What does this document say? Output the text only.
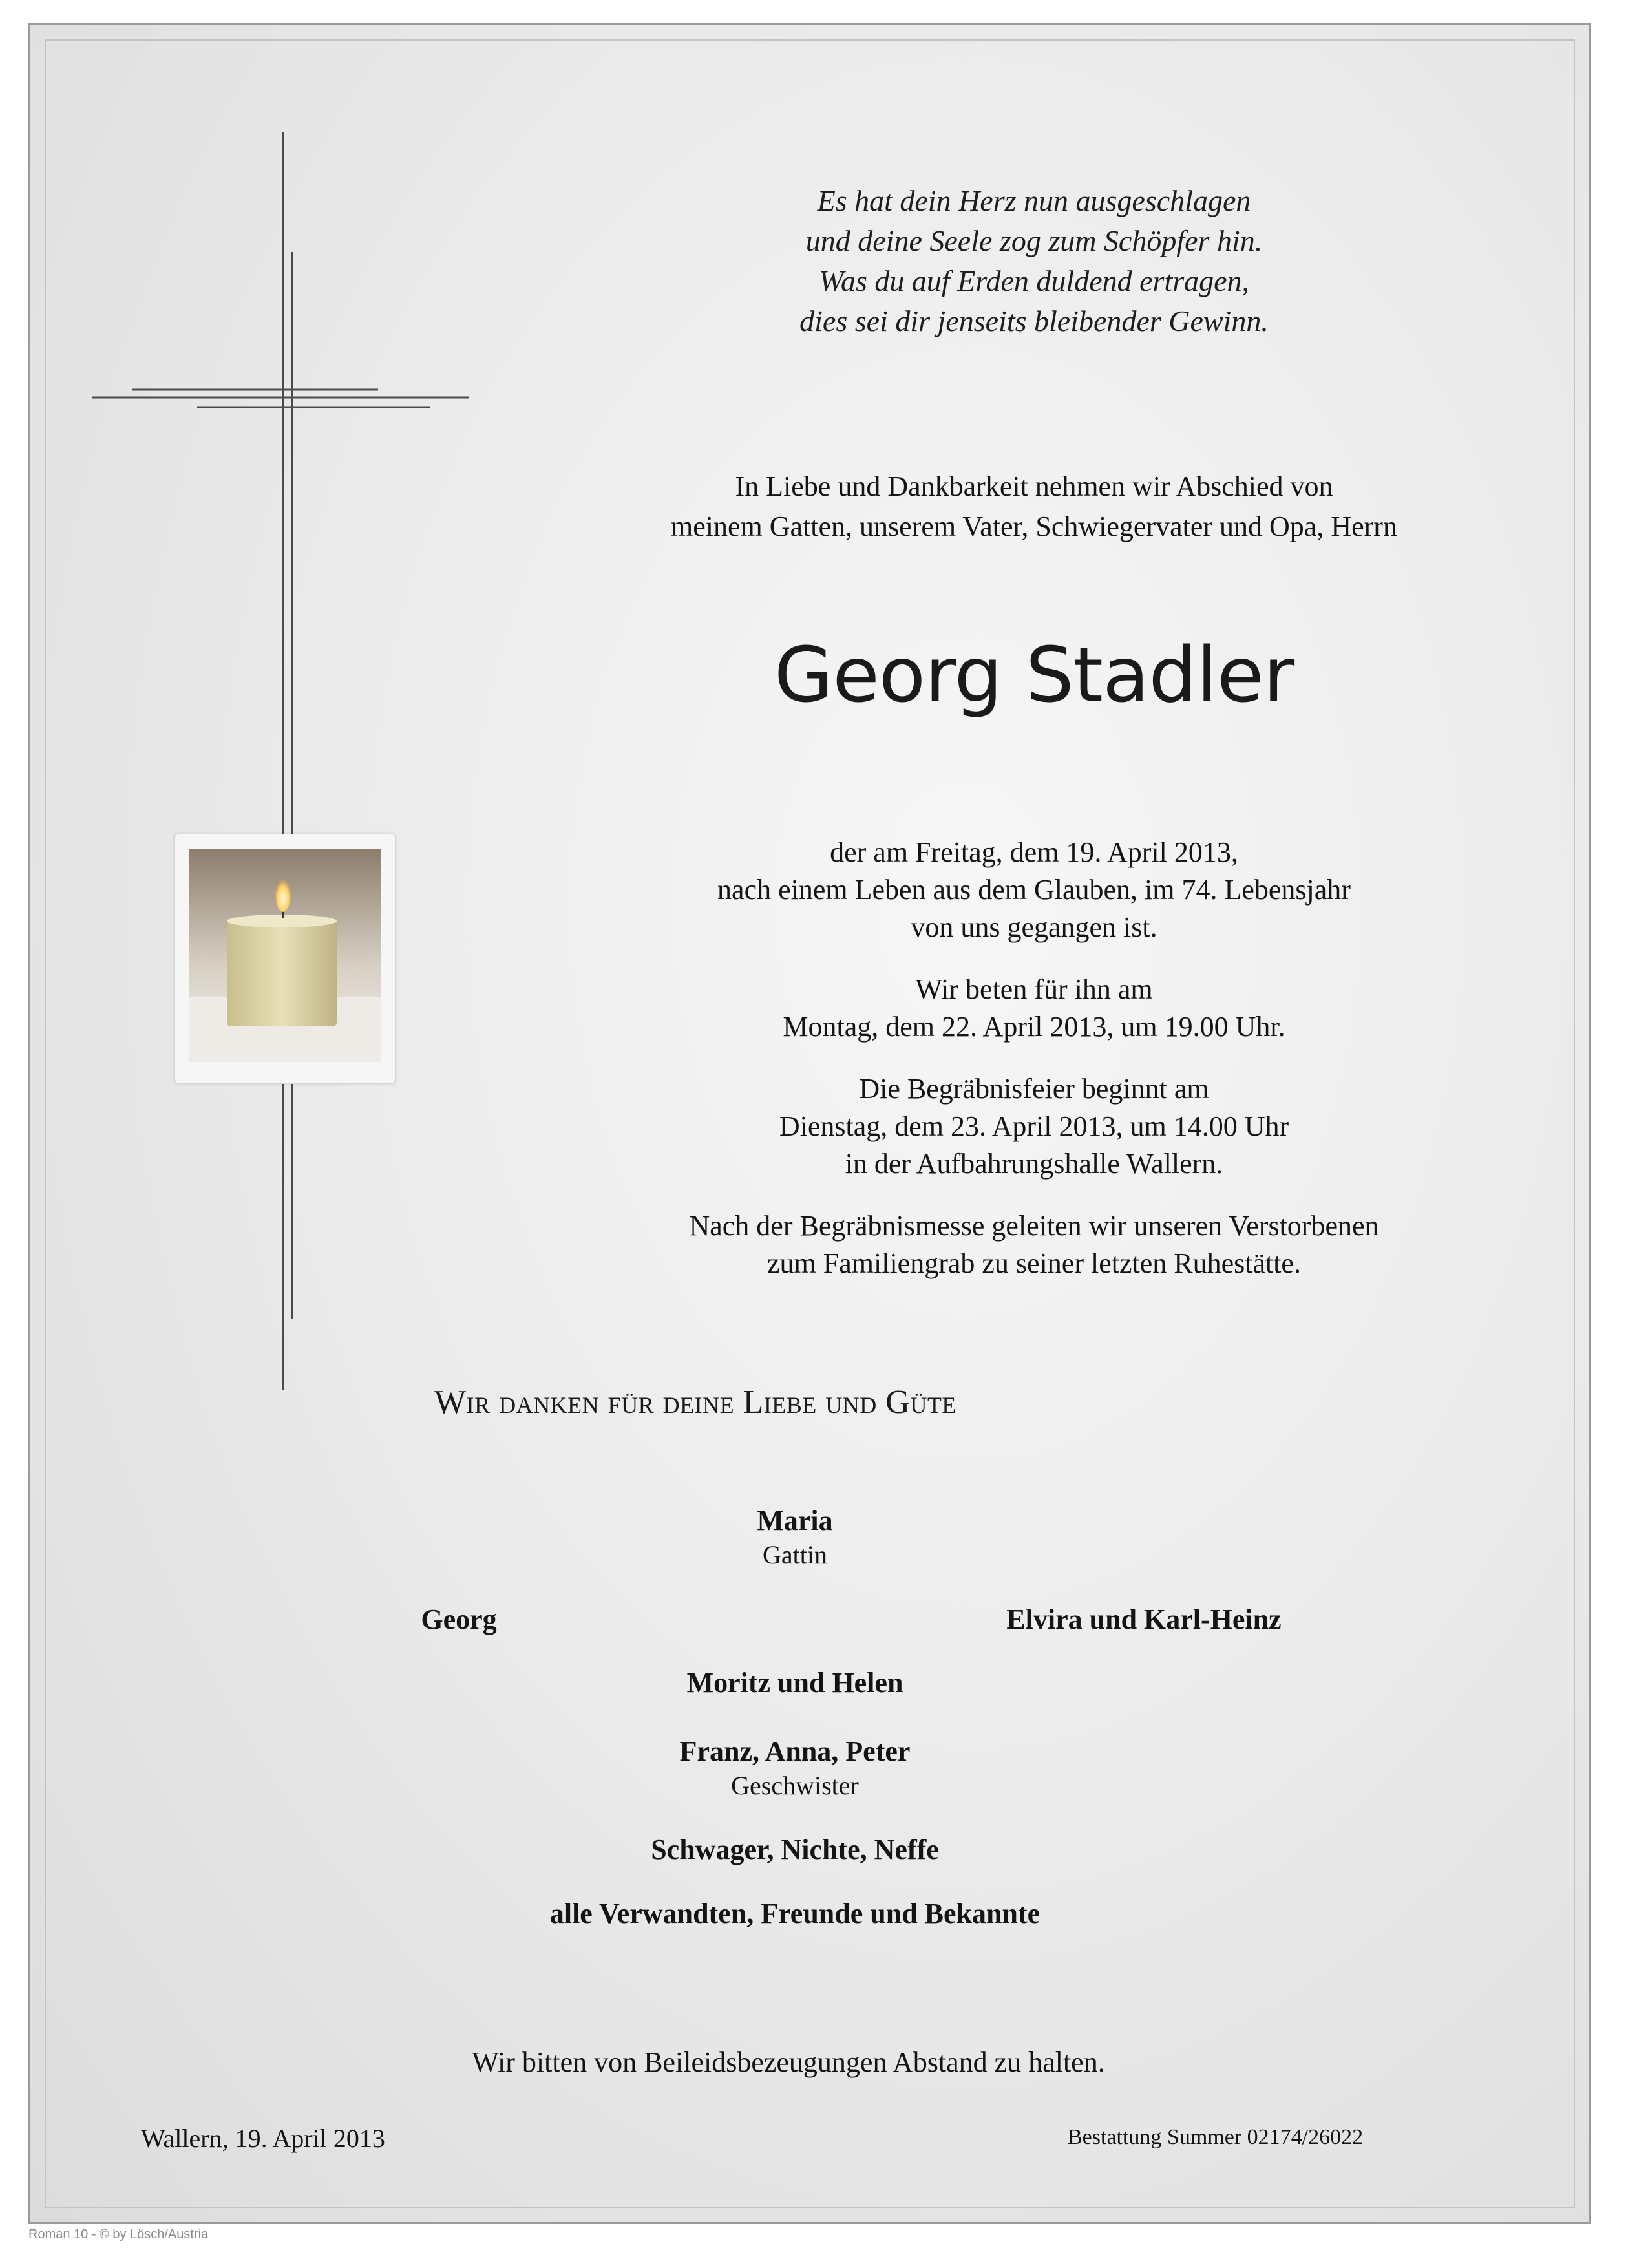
Es hat dein Herz nun ausgeschlagen
und deine Seele zog zum Schöpfer hin.
Was du auf Erden duldend ertragen,
dies sei dir jenseits bleibender Gewinn.
In Liebe und Dankbarkeit nehmen wir Abschied von
meinem Gatten, unserem Vater, Schwiegervater und Opa, Herrn
Georg Stadler

der am Freitag, dem 19. April 2013,
nach einem Leben aus dem Glauben, im 74. Lebensjahr
von uns gegangen ist.

Wir beten für ihn am
Montag, dem 22. April 2013, um 19.00 Uhr.

Die Begräbnisfeier beginnt am
Dienstag, dem 23. April 2013, um 14.00 Uhr
in der Aufbahrungshalle Wallern.

Nach der Begräbnismesse geleiten wir unseren Verstorbenen
zum Familiengrab zu seiner letzten Ruhestätte.

Wir danken für deine Liebe und Güte
Maria
Gattin
Georg	Elvira und Karl-Heinz
Moritz und Helen
Franz, Anna, Peter
Geschwister
Schwager, Nichte, Neffe
alle Verwandten, Freunde und Bekannte
Wir bitten von Beileidsbezeugungen Abstand zu halten.
Wallern, 19. April 2013	Bestattung Summer 02174/26022
Roman 10 - © by Lösch/Austria
